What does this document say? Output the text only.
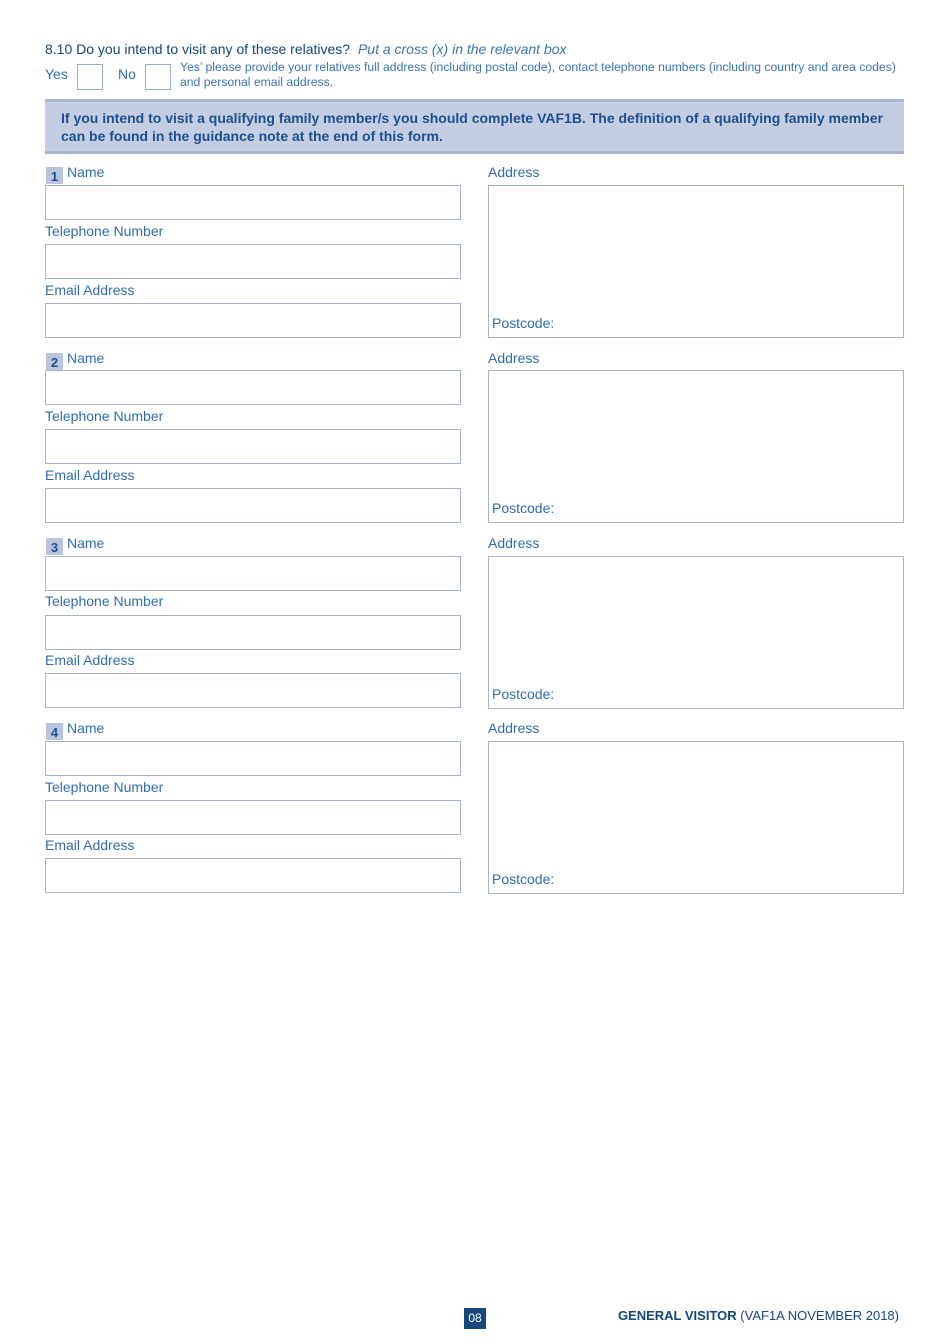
8.10 Do you intend to visit any of these relatives? Put a cross (x) in the relevant box
Yes	No	Yes’ please provide your relatives full address (including postal code), contact telephone numbers (including country and area codes) and personal email address.
If you intend to visit a qualifying family member/s you should complete VAF1B. The definition of a qualifying family member can be found in the guidance note at the end of this form.
1 Name
Telephone Number
Email Address
Address
Postcode:
2 Name
Telephone Number
Email Address
Address
Postcode:
3 Name
Telephone Number
Email Address
Address
Postcode:
4 Name
Telephone Number
Email Address
Address
Postcode:
08	GENERAL VISITOR (VAF1A NOVEMBER 2018)
